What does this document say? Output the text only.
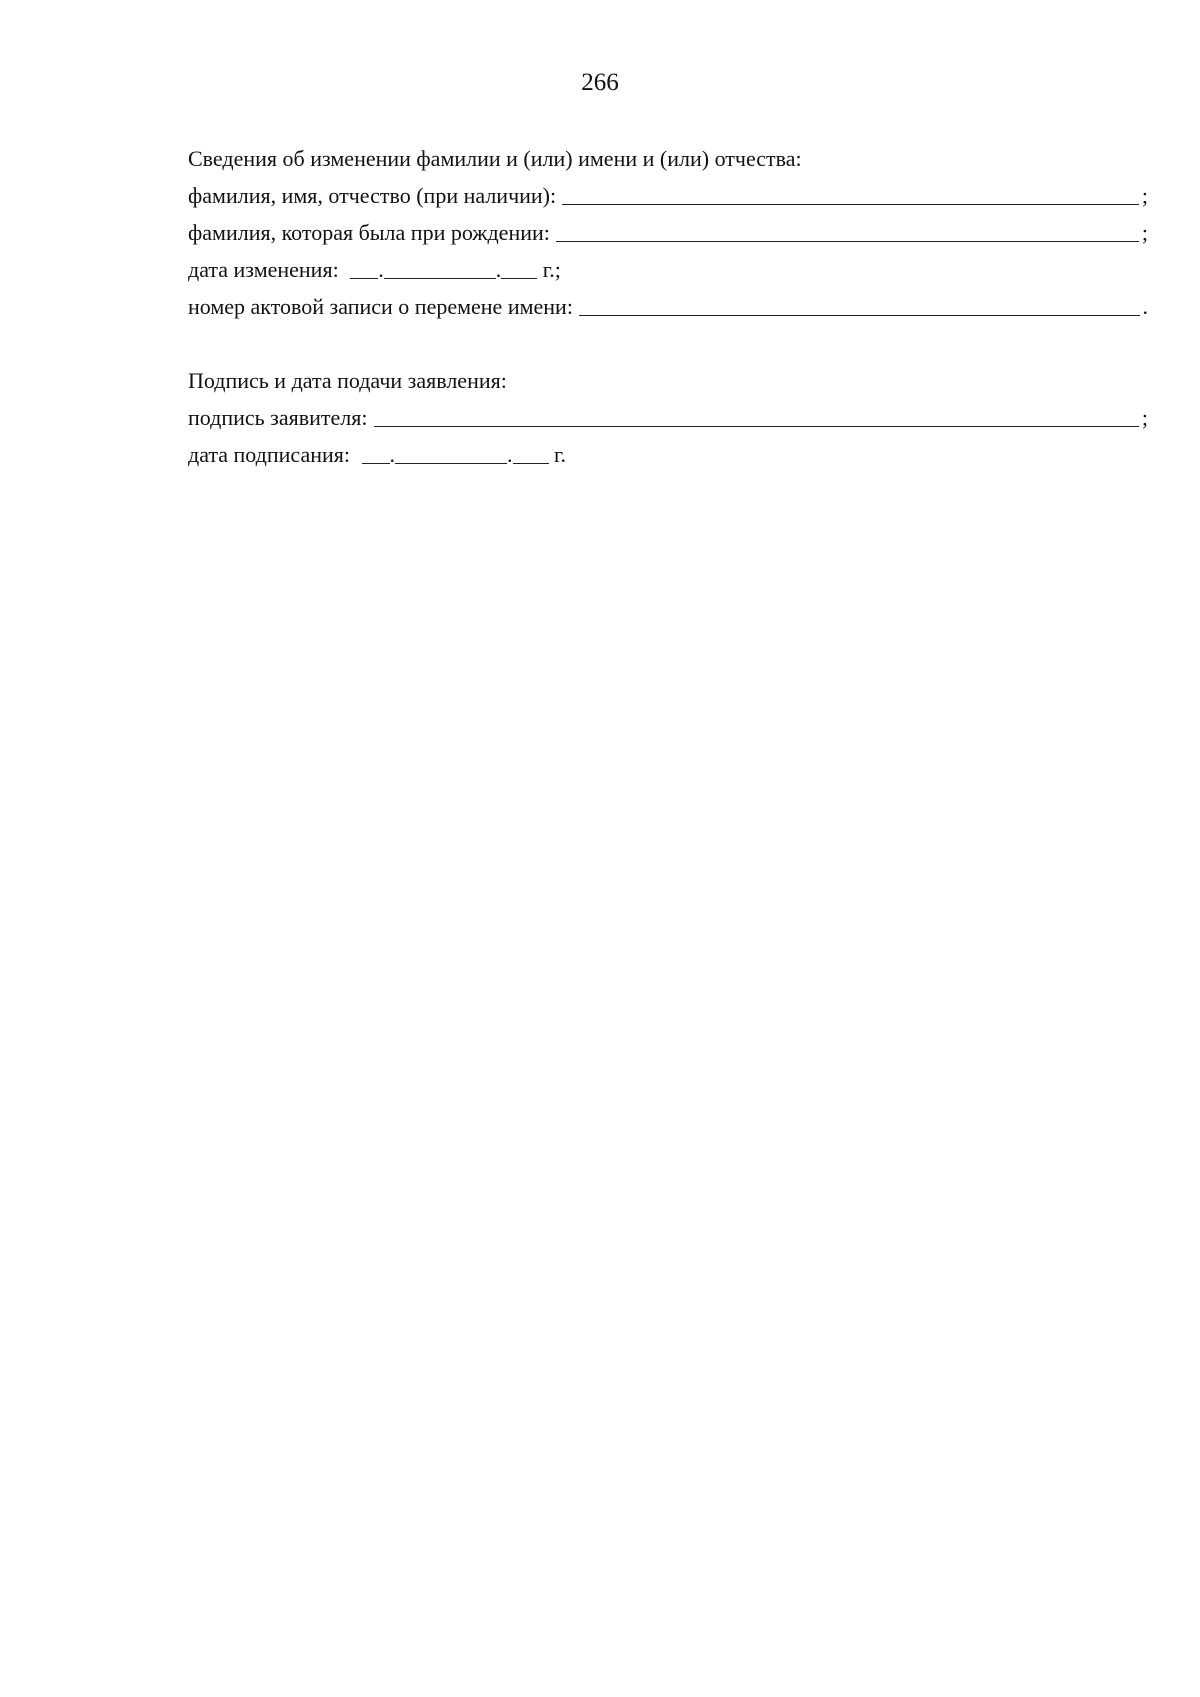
266
Сведения об изменении фамилии и (или) имени и (или) отчества:
фамилия, имя, отчество (при наличии):	;
фамилия, которая была при рождении:	;
дата изменения: .	. г.;
номер актовой записи о перемене имени:	.
Подпись и дата подачи заявления:
подпись заявителя:	;
дата подписания: .	. г.
